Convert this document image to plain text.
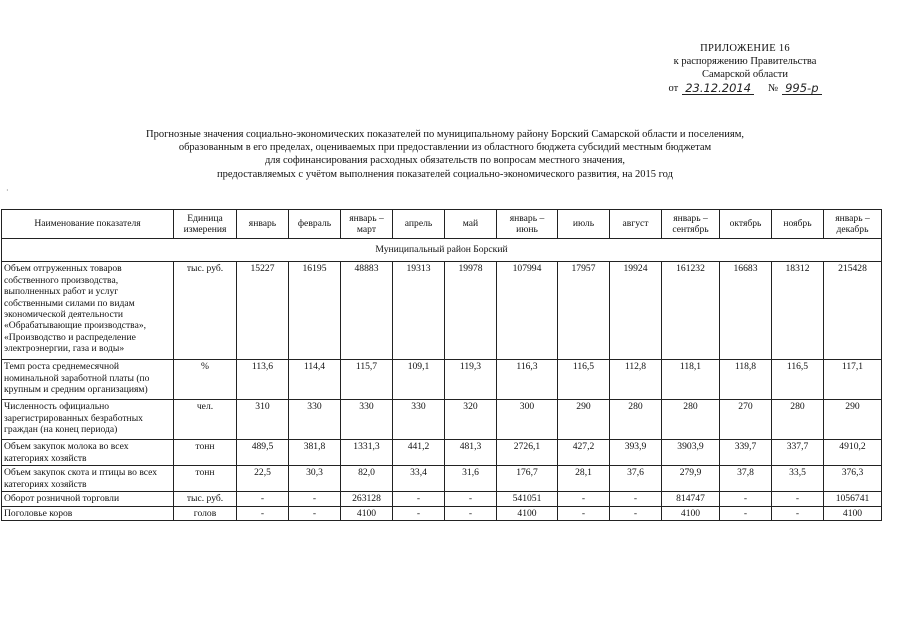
ПРИЛОЖЕНИЕ 16
к распоряжению Правительства
Самарской области
от 23.12.2014 № 995-р
Прогнозные значения социально-экономических показателей по муниципальному району Борский Самарской области и поселениям,
образованным в его пределах, оцениваемых при предоставлении из областного бюджета субсидий местным бюджетам
для софинансирования расходных обязательств по вопросам местного значения,
предоставляемых с учётом выполнения показателей социально-экономического развития, на 2015 год
·
Наименование показателя	Единица измерения	январь	февраль	январь – март	апрель	май	январь – июнь	июль	август	январь – сентябрь	октябрь	ноябрь	январь – декабрь
Муниципальный район Борский													
Объем отгруженных товаров собственного производства, выполненных работ и услуг собственными силами по видам экономической деятельности «Обрабатывающие производства», «Производство и распределение электроэнергии, газа и воды»	тыс. руб.	15227	16195	48883	19313	19978	107994	17957	19924	161232	16683	18312	215428
Темп роста среднемесячной номинальной заработной платы (по крупным и средним организациям)	%	113,6	114,4	115,7	109,1	119,3	116,3	116,5	112,8	118,1	118,8	116,5	117,1
Численность официально зарегистрированных безработных граждан (на конец периода)	чел.	310	330	330	330	320	300	290	280	280	270	280	290
Объем закупок молока во всех категориях хозяйств	тонн	489,5	381,8	1331,3	441,2	481,3	2726,1	427,2	393,9	3903,9	339,7	337,7	4910,2
Объем закупок скота и птицы во всех категориях хозяйств	тонн	22,5	30,3	82,0	33,4	31,6	176,7	28,1	37,6	279,9	37,8	33,5	376,3
Оборот розничной торговли	тыс. руб.	-	-	263128	-	-	541051	-	-	814747	-	-	1056741
Поголовье коров	голов	-	-	4100	-	-	4100	-	-	4100	-	-	4100
